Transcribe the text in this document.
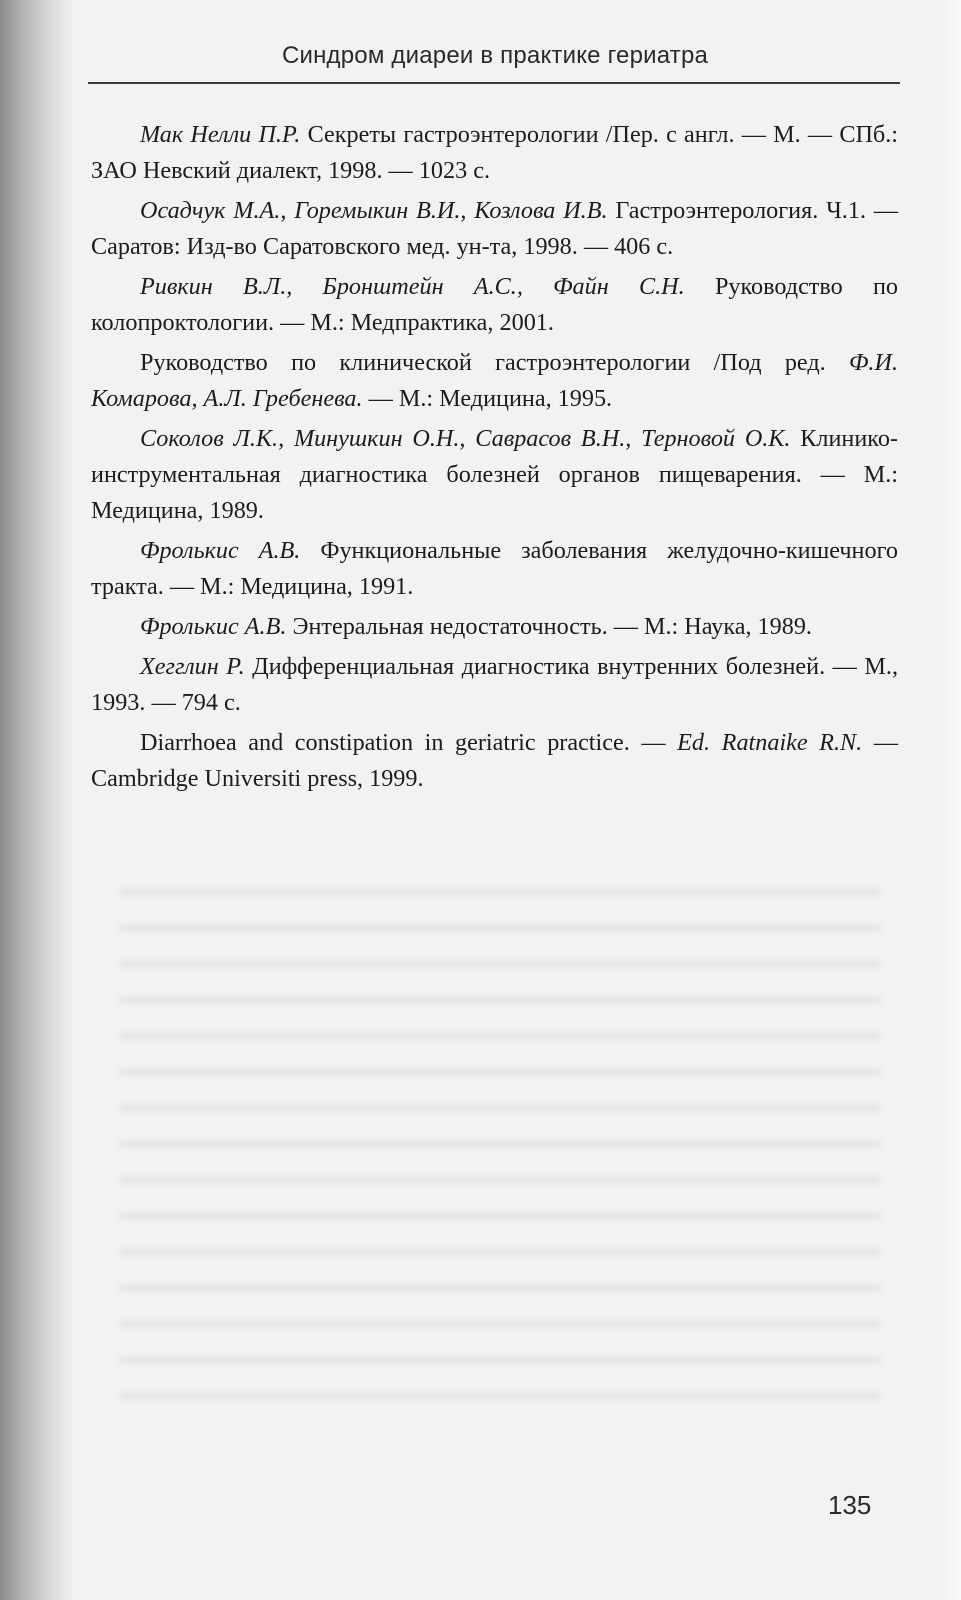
Синдром диареи в практике гериатра
Мак Нелли П.Р. Секреты гастроэнтерологии /Пер. с англ. — М. — СПб.: ЗАО Невский диалект, 1998. — 1023 с.
Осадчук М.А., Горемыкин В.И., Козлова И.В. Гастроэнтерология. Ч.1. — Саратов: Изд-во Саратовского мед. ун-та, 1998. — 406 с.
Ривкин В.Л., Бронштейн А.С., Файн С.Н. Руководство по колопроктологии. — М.: Медпрактика, 2001.
Руководство по клинической гастроэнтерологии /Под ред. Ф.И. Комарова, А.Л. Гребенева. — М.: Медицина, 1995.
Соколов Л.К., Минушкин О.Н., Саврасов В.Н., Терновой О.К. Клинико-инструментальная диагностика болезней органов пищеварения. — М.: Медицина, 1989.
Фролькис А.В. Функциональные заболевания желудочно-кишечного тракта. — М.: Медицина, 1991.
Фролькис А.В. Энтеральная недостаточность. — М.: Наука, 1989.
Хегглин Р. Дифференциальная диагностика внутренних болезней. — М., 1993. — 794 с.
Diarrhoea and constipation in geriatric practice. — Ed. Ratnaike R.N. — Cambridge Universiti press, 1999.
135
